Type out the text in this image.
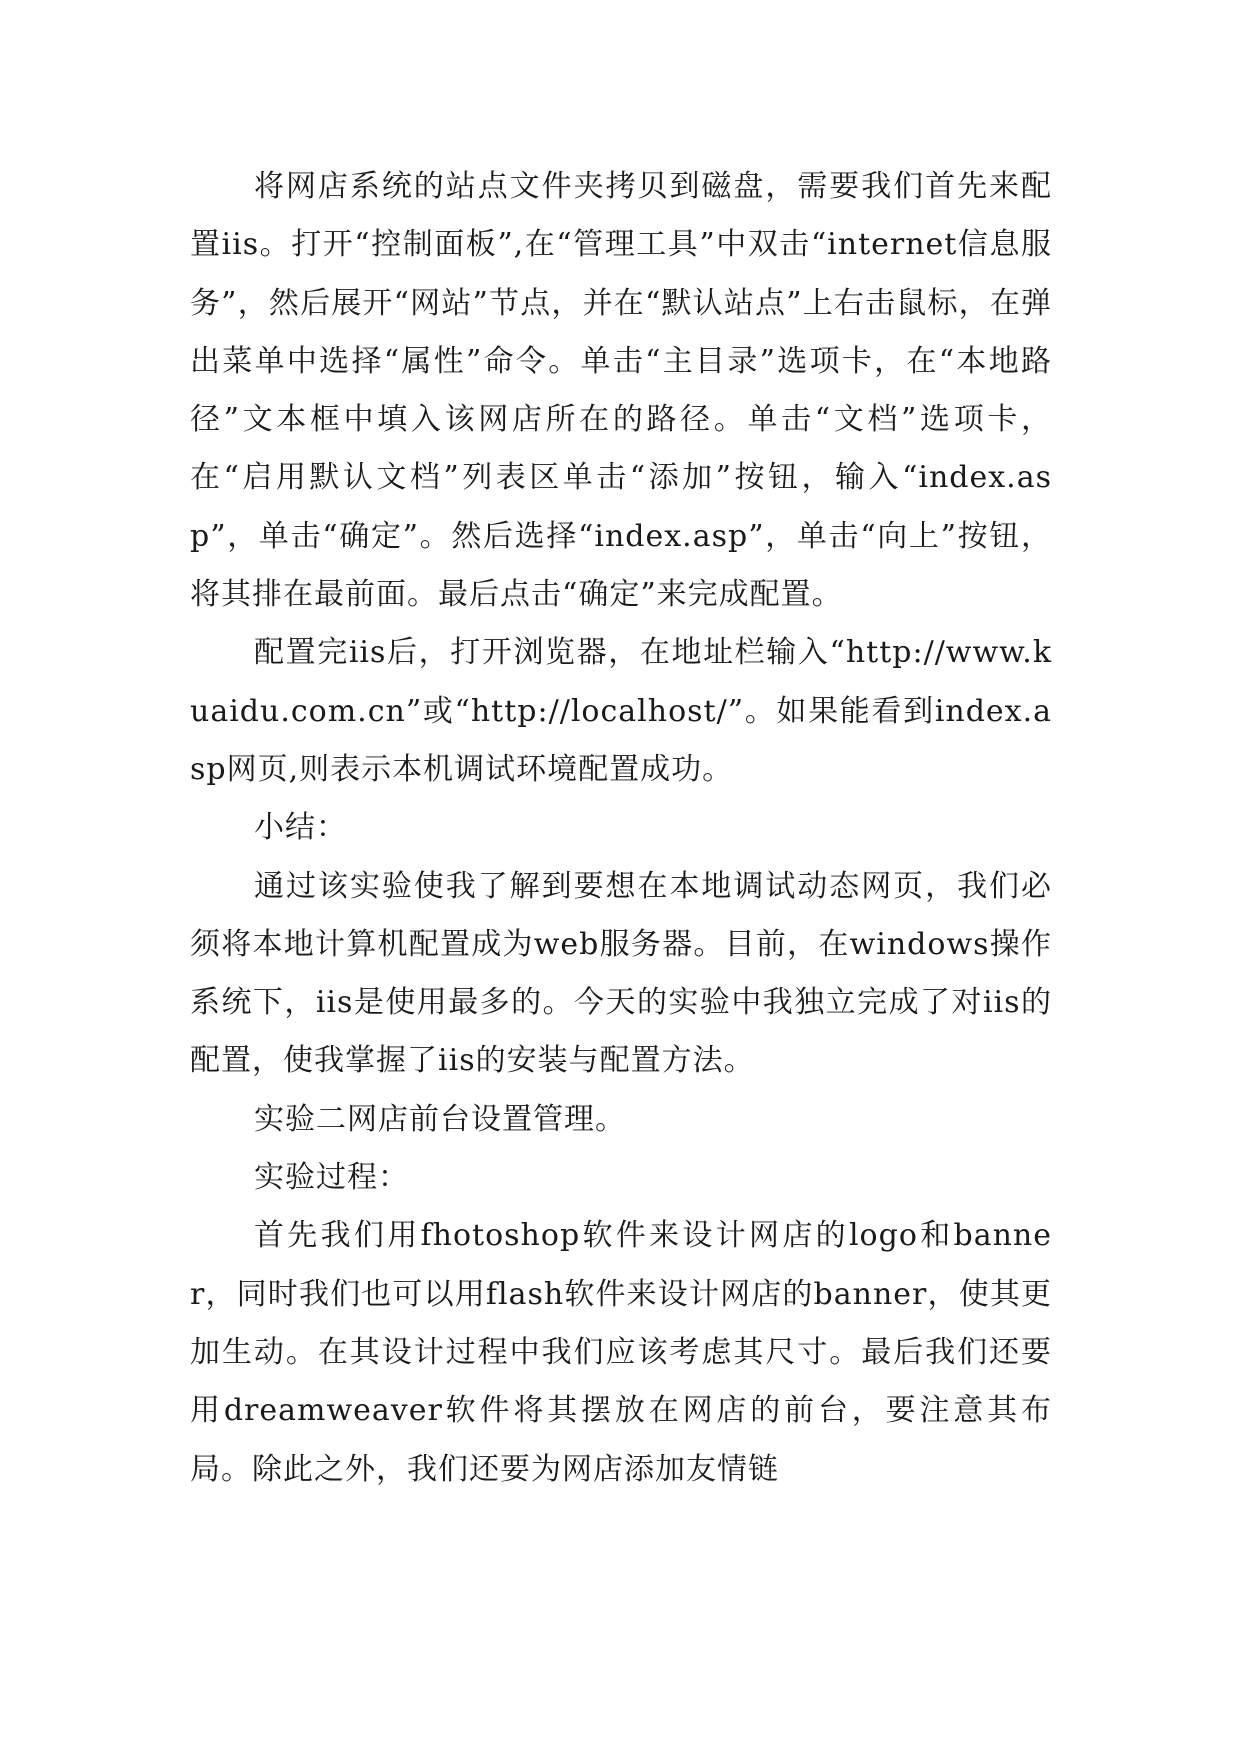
将网店系统的站点文件夹拷贝到磁盘，需要我们首先来配置iis。打开“控制面板”,在“管理工具”中双击“internet信息服务”，然后展开“网站”节点，并在“默认站点”上右击鼠标，在弹出菜单中选择“属性”命令。单击“主目录”选项卡，在“本地路径”文本框中填入该网店所在的路径。单击“文档”选项卡，在“启用默认文档”列表区单击“添加”按钮，输入“index.asp”，单击“确定”。然后选择“index.asp”，单击“向上”按钮，将其排在最前面。最后点击“确定”来完成配置。

配置完iis后，打开浏览器，在地址栏输入“http://www.kuaidu.com.cn”或“http://localhost/”。如果能看到index.asp网页,则表示本机调试环境配置成功。

小结：

通过该实验使我了解到要想在本地调试动态网页，我们必须将本地计算机配置成为web服务器。目前，在windows操作系统下，iis是使用最多的。今天的实验中我独立完成了对iis的配置，使我掌握了iis的安装与配置方法。

实验二网店前台设置管理。

实验过程：

首先我们用fhotoshop软件来设计网店的logo和banner，同时我们也可以用flash软件来设计网店的banner，使其更加生动。在其设计过程中我们应该考虑其尺寸。最后我们还要用dreamweaver软件将其摆放在网店的前台，要注意其布局。除此之外，我们还要为网店添加友情链
